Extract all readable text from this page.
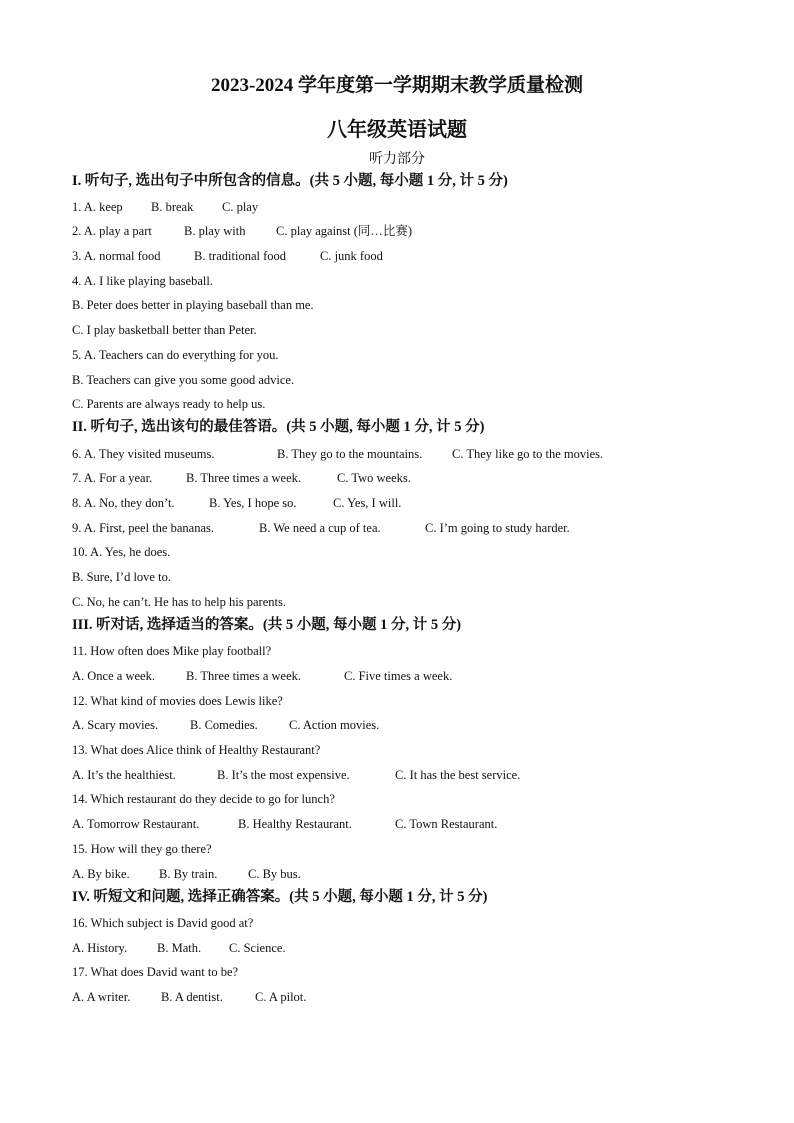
2023-2024 学年度第一学期期末教学质量检测
八年级英语试题
听力部分
I. 听句子, 选出句子中所包含的信息。(共 5 小题, 每小题 1 分, 计 5 分)
1. A. keep B. break C. play
2. A. play a part	B. play with C. play against (同…比赛)
3. A. normal food	B. traditional food	C. junk food
4. A. I like playing baseball.
B. Peter does better in playing baseball than me.
C. I play basketball better than Peter.
5. A. Teachers can do everything for you.
B. Teachers can give you some good advice.
C. Parents are always ready to help us.
II. 听句子, 选出该句的最佳答语。(共 5 小题, 每小题 1 分, 计 5 分)
6. A. They visited museums.	B. They go to the mountains. C. They like go to the movies.
7. A. For a year.	B. Three times a week.	C. Two weeks.
8. A. No, they don’t.	B. Yes, I hope so.	C. Yes, I will.
9. A. First, peel the bananas.	B. We need a cup of tea.	C. I’m going to study harder.
10. A. Yes, he does.
B. Sure, I’d love to.
C. No, he can’t. He has to help his parents.
III. 听对话, 选择适当的答案。(共 5 小题, 每小题 1 分, 计 5 分)
11. How often does Mike play football?
A. Once a week. B. Three times a week.	C. Five times a week.
12. What kind of movies does Lewis like?
A. Scary movies.	B. Comedies.	C. Action movies.
13. What does Alice think of Healthy Restaurant?
A. It’s the healthiest.	B. It’s the most expensive.	C. It has the best service.
14. Which restaurant do they decide to go for lunch?
A. Tomorrow Restaurant.	B. Healthy Restaurant.	C. Town Restaurant.
15. How will they go there?
A. By bike. B. By train. C. By bus.
IV. 听短文和问题, 选择正确答案。(共 5 小题, 每小题 1 分, 计 5 分)
16. Which subject is David good at?
A. History. B. Math. C. Science.
17. What does David want to be?
A. A writer. B. A dentist.	C. A pilot.
